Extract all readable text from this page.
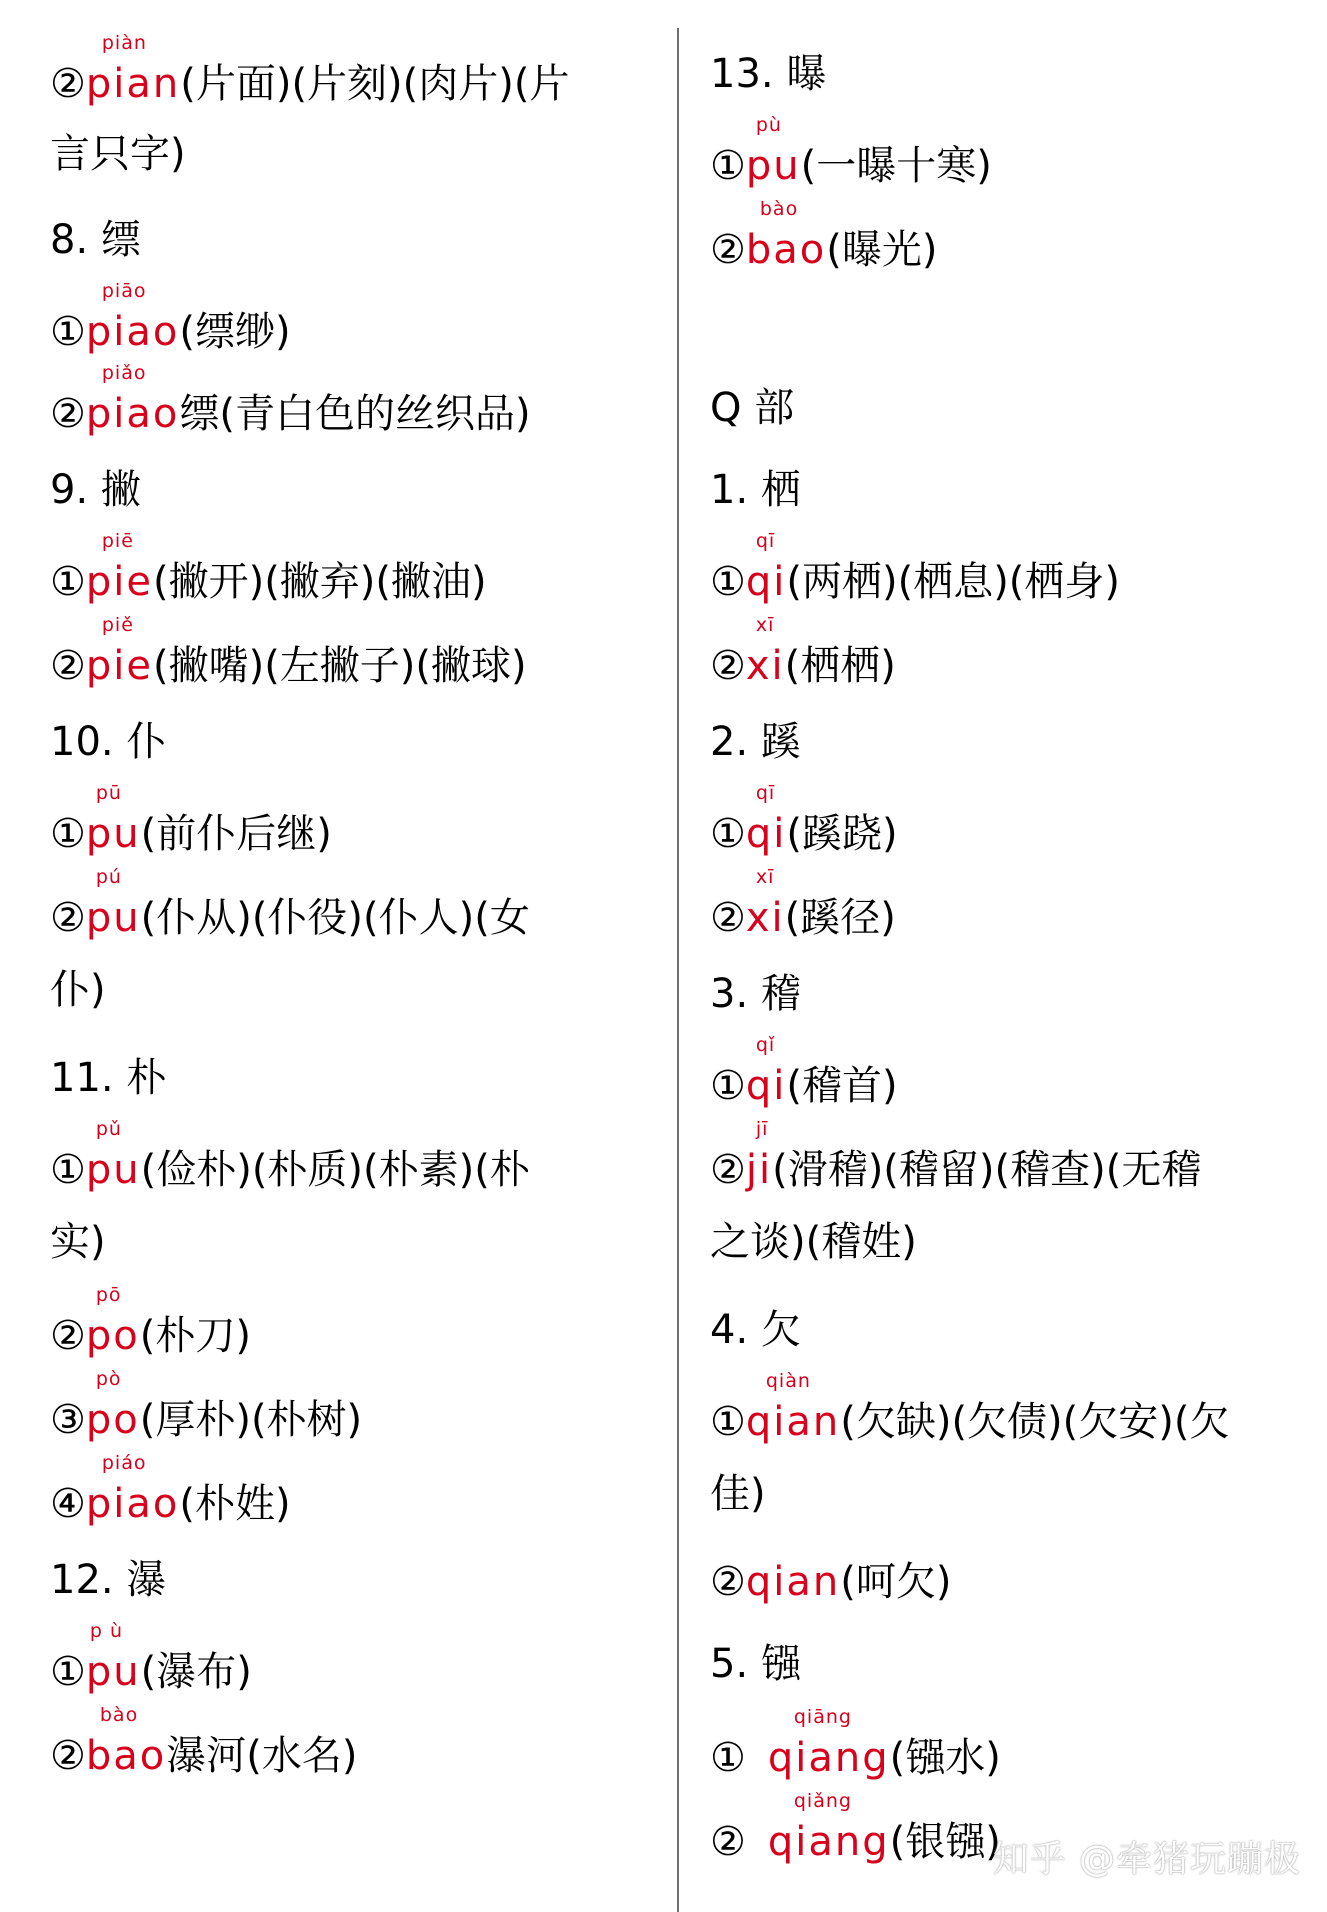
②
piàn
pian(片面)(片刻)(肉片)(片
言只字)
8. 缥
①
piāo
piao(缥缈)
②
piǎo
piao缥(青白色的丝织品)
9. 撇
①
piē
pie(撇开)(撇弃)(撇油)
②
piě
pie(撇嘴)(左撇子)(撇球)
10. 仆
①
pū
pu(前仆后继)
②
pú
pu(仆从)(仆役)(仆人)(女
仆)
11. 朴
①
pǔ
pu(俭朴)(朴质)(朴素)(朴
实)
②
pō
po(朴刀)
③
pò
po(厚朴)(朴树)
④
piáo
piao(朴姓)
12. 瀑
①
p ù
pu(瀑布)
②
bào
bao瀑河(水名)
13. 曝
①
pù
pu(一曝十寒)
②
bào
bao(曝光)
Q 部
1. 栖
①
qī
qi(两栖)(栖息)(栖身)
②
xī
xi(栖栖)
2. 蹊
①
qī
qi(蹊跷)
②
xī
xi(蹊径)
3. 稽
①
qǐ
qi(稽首)
②
jī
ji(滑稽)(稽留)(稽查)(无稽
之谈)(稽姓)
4. 欠
①
qiàn
qian(欠缺)(欠债)(欠安)(欠
佳)
②qian(呵欠)
5. 镪
①
qiāng
qiang(镪水)
②
qiǎng
qiang(银镪)
知乎 @牵猪玩蹦极
